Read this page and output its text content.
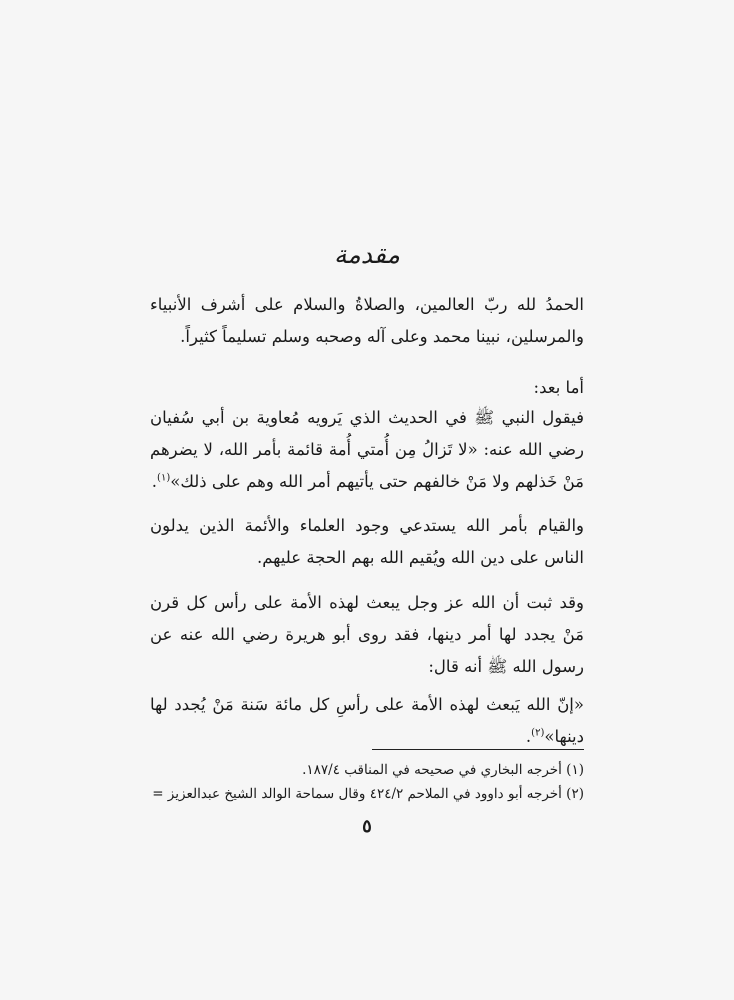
مقدمة

الحمدُ لله ربّ العالمين، والصلاةُ والسلام على أشرف الأنبياء والمرسلين، نبينا محمد وعلى آله وصحبه وسلم تسليماً كثيراً.

أما بعد:

فيقول النبي ﷺ في الحديث الذي يَرويه مُعاوية بن أبي سُفيان رضي الله عنه: «لا تَزالُ مِن أُمتي أُمة قائمة بأمر الله، لا يضرهم مَنْ خَذلهم ولا مَنْ خالفهم حتى يأتيهم أمر الله وهم على ذلك»$^{(١)}$.

والقيام بأمر الله يستدعي وجود العلماء والأئمة الذين يدلون الناس على دين الله ويُقيم الله بهم الحجة عليهم.

وقد ثبت أن الله عز وجل يبعث لهذه الأمة على رأس كل قرن مَنْ يجدد لها أمر دينها، فقد روى أبو هريرة رضي الله عنه عن رسول الله ﷺ أنه قال:

«إنّ الله يَبعث لهذه الأمة على رأسِ كل مائة سَنة مَنْ يُجدد لها دينها»$^{(٢)}$.

(١) أخرجه البخاري في صحيحه في المناقب ١٨٧/٤.
(٢) أخرجه أبو داوود في الملاحم ٤٢٤/٢ وقال سماحة الوالد الشيخ عبدالعزيز =
٥
